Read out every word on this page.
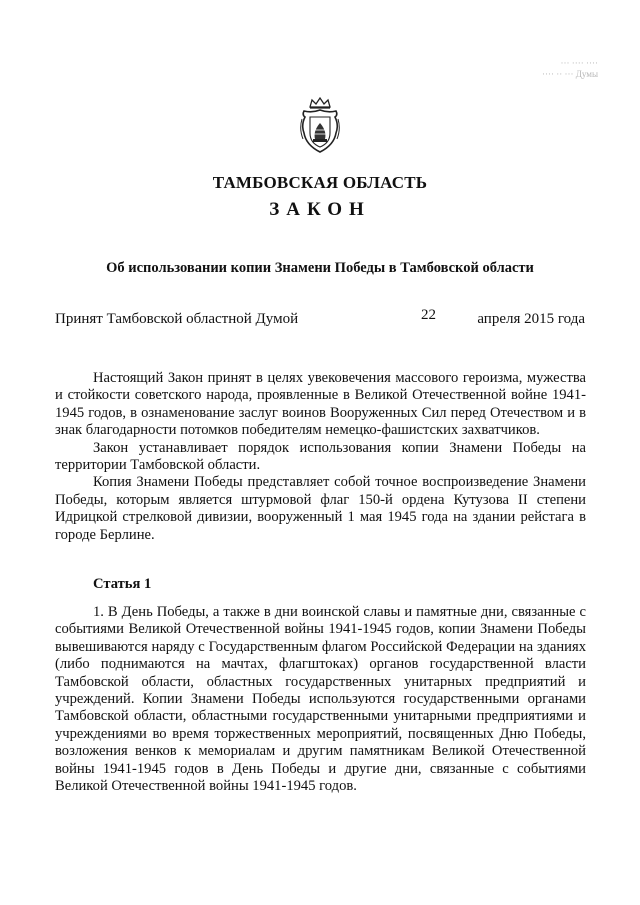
··· ···· ····
···· ·· ··· Думы
ТАМБОВСКАЯ ОБЛАСТЬ
ЗАКОН
Об использовании копии Знамени Победы в Тамбовской области
Принят Тамбовской областной Думой	22	апреля 2015 года

Настоящий Закон принят в целях увековечения массового героизма, мужества и стойкости советского народа, проявленные в Великой Отечественной войне 1941-1945 годов, в ознаменование заслуг воинов Вооруженных Сил перед Отечеством и в знак благодарности потомков победителям немецко-фашистских захватчиков.

Закон устанавливает порядок использования копии Знамени Победы на территории Тамбовской области.

Копия Знамени Победы представляет собой точное воспроизведение Знамени Победы, которым является штурмовой флаг 150-й ордена Кутузова II степени Идрицкой стрелковой дивизии, вооруженный 1 мая 1945 года на здании рейстага в городе Берлине.

Статья 1

1. В День Победы, а также в дни воинской славы и памятные дни, связанные с событиями Великой Отечественной войны 1941-1945 годов, копии Знамени Победы вывешиваются наряду с Государственным флагом Российской Федерации на зданиях (либо поднимаются на мачтах, флагштоках) органов государственной власти Тамбовской области, областных государственных унитарных предприятий и учреждений. Копии Знамени Победы используются государственными органами Тамбовской области, областными государственными унитарными предприятиями и учреждениями во время торжественных мероприятий, посвященных Дню Победы, возложения венков к мемориалам и другим памятникам Великой Отечественной войны 1941-1945 годов в День Победы и другие дни, связанные с событиями Великой Отечественной войны 1941-1945 годов.
